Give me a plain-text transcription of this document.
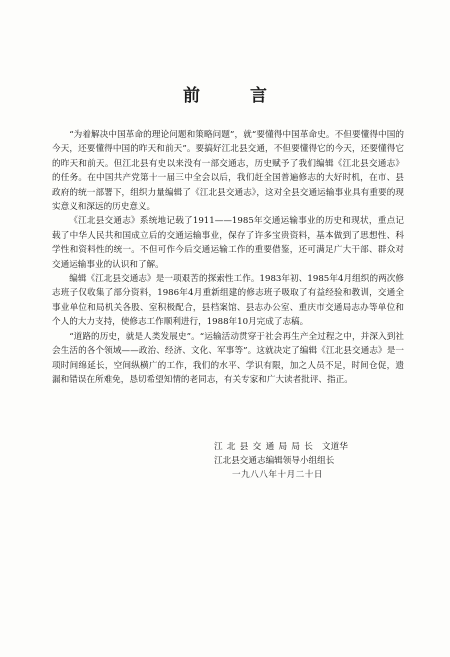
前 言

“为着解决中国革命的理论问题和策略问题”，就“要懂得中国革命史。不但要懂得中国的今天，还要懂得中国的昨天和前天”。要搞好江北县交通，不但要懂得它的今天，还要懂得它的昨天和前天。但江北县有史以来没有一部交通志，历史赋予了我们编辑《江北县交通志》的任务。在中国共产党第十一届三中全会以后，我们赶全国普遍修志的大好时机，在市、县政府的统一部署下，组织力量编辑了《江北县交通志》，这对全县交通运输事业具有重要的现实意义和深远的历史意义。

《江北县交通志》系统地记载了1911——1985年交通运输事业的历史和现状，重点记载了中华人民共和国成立后的交通运输事业，保存了许多宝贵资料，基本做到了思想性、科学性和资料性的统一。不但可作今后交通运输工作的重要借鉴，还可满足广大干部、群众对交通运输事业的认识和了解。

编辑《江北县交通志》是一项艰苦的探索性工作。1983年初、1985年4月组织的两次修志班子仅收集了部分资料，1986年4月重新组建的修志班子吸取了有益经验和教训，交通全事业单位和局机关各股、室积极配合，县档案馆、县志办公室、重庆市交通局志办等单位和个人的大力支持，使修志工作顺利进行，1988年10月完成了志稿。

“道路的历史，就是人类发展史”。“运输活动贯穿于社会再生产全过程之中，并深入到社会生活的各个领域——政治、经济、文化、军事等”。这就决定了编辑《江北县交通志》是一项时间绵延长，空间纵横广的工作，我们的水平、学识有限，加之人员不足，时间仓促，遗漏和错误在所难免，恳切希望知情的老同志，有关专家和广大读者批评、指正。

江北县交通局局长 文道华
江北县交通志编辑领导小组组长
一九八八年十月二十日
